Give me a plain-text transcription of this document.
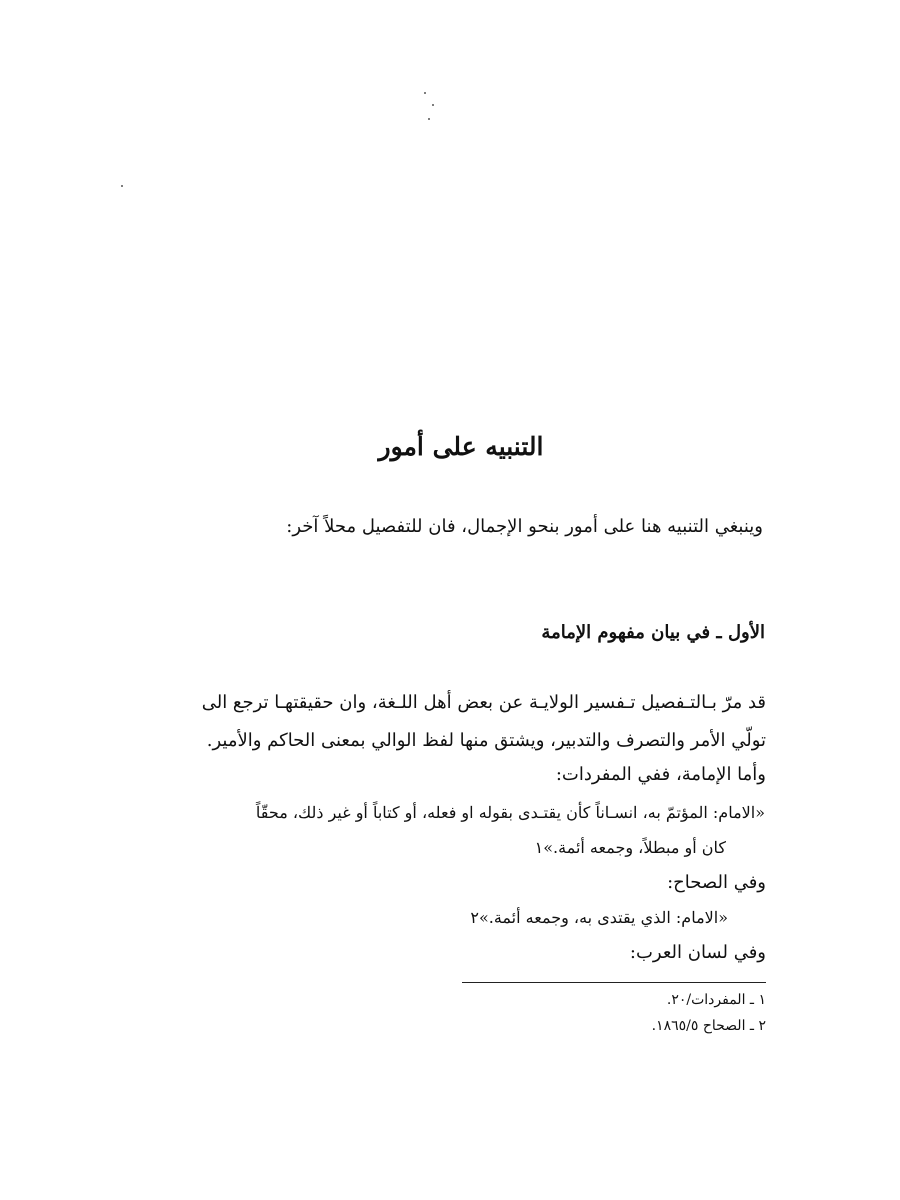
التنبيه على أمور
وينبغي التنبيه هنا على أمور بنحو الإجمال، فان للتفصيل محلاً آخر:
الأول ـ في بيان مفهوم الإمامة
قد مرّ بـالتـفصيل تـفسير الولايـة عن بعض أهل اللـغة، وان حقيقتهـا ترجع الى
تولّي الأمر والتصرف والتدبير، ويشتق منها لفظ الوالي بمعنى الحاكم والأمير.
وأما الإمامة، ففي المفردات:
«الامام: المؤتمّ به، انسـاناً كأن يقتـدى بقوله او فعله، أو كتاباً أو غير ذلك، محقّاً
كان أو مبطلاً، وجمعه أئمة.»١
وفي الصحاح:
«الامام: الذي يقتدى به، وجمعه أئمة.»٢
وفي لسان العرب:
١ ـ المفردات/٢٠.
٢ ـ الصحاح ١٨٦٥/٥.
